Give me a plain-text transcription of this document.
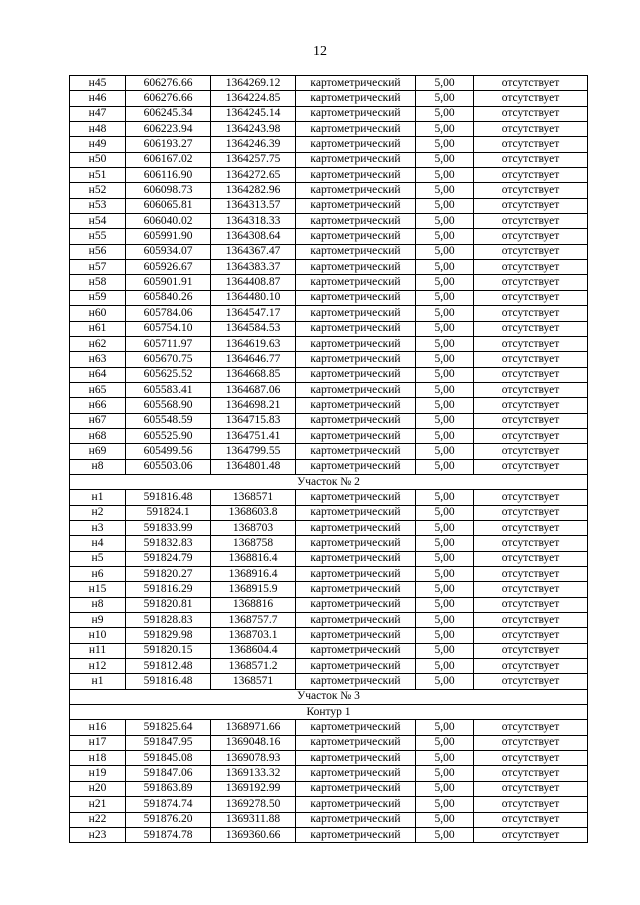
12
н45	606276.66	1364269.12	картометрический	5,00	отсутствует
н46	606276.66	1364224.85	картометрический	5,00	отсутствует
н47	606245.34	1364245.14	картометрический	5,00	отсутствует
н48	606223.94	1364243.98	картометрический	5,00	отсутствует
н49	606193.27	1364246.39	картометрический	5,00	отсутствует
н50	606167.02	1364257.75	картометрический	5,00	отсутствует
н51	606116.90	1364272.65	картометрический	5,00	отсутствует
н52	606098.73	1364282.96	картометрический	5,00	отсутствует
н53	606065.81	1364313.57	картометрический	5,00	отсутствует
н54	606040.02	1364318.33	картометрический	5,00	отсутствует
н55	605991.90	1364308.64	картометрический	5,00	отсутствует
н56	605934.07	1364367.47	картометрический	5,00	отсутствует
н57	605926.67	1364383.37	картометрический	5,00	отсутствует
н58	605901.91	1364408.87	картометрический	5,00	отсутствует
н59	605840.26	1364480.10	картометрический	5,00	отсутствует
н60	605784.06	1364547.17	картометрический	5,00	отсутствует
н61	605754.10	1364584.53	картометрический	5,00	отсутствует
н62	605711.97	1364619.63	картометрический	5,00	отсутствует
н63	605670.75	1364646.77	картометрический	5,00	отсутствует
н64	605625.52	1364668.85	картометрический	5,00	отсутствует
н65	605583.41	1364687.06	картометрический	5,00	отсутствует
н66	605568.90	1364698.21	картометрический	5,00	отсутствует
н67	605548.59	1364715.83	картометрический	5,00	отсутствует
н68	605525.90	1364751.41	картометрический	5,00	отсутствует
н69	605499.56	1364799.55	картометрический	5,00	отсутствует
н8	605503.06	1364801.48	картометрический	5,00	отсутствует
Участок № 2					
н1	591816.48	1368571	картометрический	5,00	отсутствует
н2	591824.1	1368603.8	картометрический	5,00	отсутствует
н3	591833.99	1368703	картометрический	5,00	отсутствует
н4	591832.83	1368758	картометрический	5,00	отсутствует
н5	591824.79	1368816.4	картометрический	5,00	отсутствует
н6	591820.27	1368916.4	картометрический	5,00	отсутствует
н15	591816.29	1368915.9	картометрический	5,00	отсутствует
н8	591820.81	1368816	картометрический	5,00	отсутствует
н9	591828.83	1368757.7	картометрический	5,00	отсутствует
н10	591829.98	1368703.1	картометрический	5,00	отсутствует
н11	591820.15	1368604.4	картометрический	5,00	отсутствует
н12	591812.48	1368571.2	картометрический	5,00	отсутствует
н1	591816.48	1368571	картометрический	5,00	отсутствует
Участок № 3					
Контур 1					
н16	591825.64	1368971.66	картометрический	5,00	отсутствует
н17	591847.95	1369048.16	картометрический	5,00	отсутствует
н18	591845.08	1369078.93	картометрический	5,00	отсутствует
н19	591847.06	1369133.32	картометрический	5,00	отсутствует
н20	591863.89	1369192.99	картометрический	5,00	отсутствует
н21	591874.74	1369278.50	картометрический	5,00	отсутствует
н22	591876.20	1369311.88	картометрический	5,00	отсутствует
н23	591874.78	1369360.66	картометрический	5,00	отсутствует
